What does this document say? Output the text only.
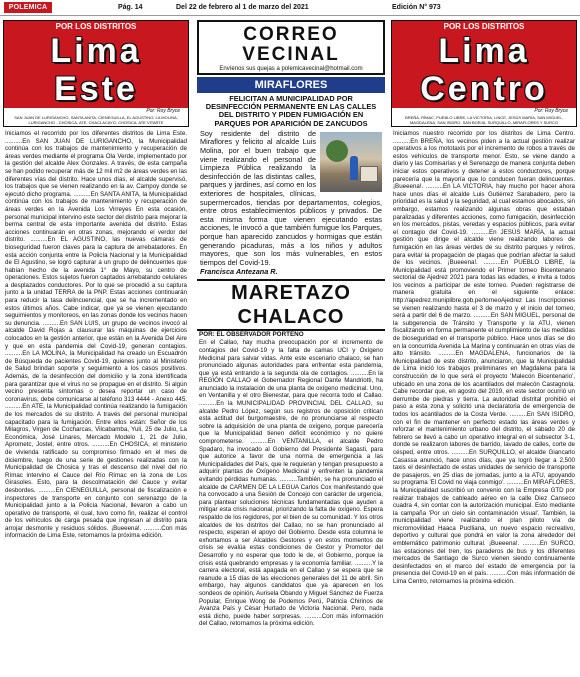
POLEMICA	Pág. 14	Del 22 de febrero al 1 de marzo del 2021	Edición N° 973
POR LOS DISTRITOS
Lima Este
Por: Roy Bryce
SAN JUAN DE LURIGANCHO, SANTA ANITA, CIENEGUILLA, EL AGUSTINO, LA MOLINA, LURIGANCHO - CHOSICA, ATE, CHACLACAYO, CHOSICA, ATE VITARTE

Iniciamos el recorrido por los diferentes distritos de Lima Este. ..........En SAN JUAN DE LURIGANCHO, la Municipalidad continúa con los trabajos de mantenimiento y recuperación de áreas verdes mediante el programa Ola Verde, implementado por la gestión del alcalde Alex Gonzales. A través, de esta campaña se han podido recuperar más de 12 mil m2 de áreas verdes en las diferentes vías del distrito. Hace unos días, el alcalde supervisó, los trabajos que se vienen realizando en la av. Campoy donde se ejecutó dicho programa. ..........En SANTA ANITA, la Municipalidad continúa con los trabajos de mantenimiento y recuperación de áreas verdes en la Avenida Los Virreyes En esta ocasión, personal municipal intervino este sector del distrito para mejorar la berma central de esta importante avenida del distrito. Estas acciones continuarán en otras zonas, mejorando el verdor del distrito. ..........En EL AGUSTINO, las nuevas cámaras de bioseguridad fueron claves para la captura de arrebatadores. En esta acción conjunta entre la Policía Nacional y la Municipalidad de El Agustino, se logró capturar a un grupo de delincuentes que habían hecho de la avenida 1° de Mayo, su centro de operaciones. Estos sujetos fueron captados arrebatando celulares a desplazados conductores. Por lo que se procedió a su captura junto a la unidad TERRA de la PNP. Estas acciones continuarán para reducir la tasa delincuencial, que se ha incrementado en estos últimos años. Cabe indicar, que ya se vienen ejecutando seguimientos y monitoreos, en las zonas donde los vecinos hacen su denuncia. ..........En SAN LUIS, un grupo de vecinos invocó al alcalde David Rojas a clausurar las máquinas de ejercicios colocados en la gestión anterior, que están en la Avenida Del Aire y que en esta pandemia del Covid-19, generan contagios. ..........En LA MOLINA, la Municipalidad ha creado un Escuadrón de Búsqueda de pacientes Covid-19, quienes junto al Ministerio de Salud brindan soporte y seguimiento a los casos positivos. Además, de la desinfección del domicilio y la zona identificada para garantizar que el virus no se propague en el distrito. Si algún vecino presenta síntomas o desea reportar un caso de coronavirus, debe comunicarse al teléfono 313 4444 - Anexo 445. ..........En ATE, la Municipalidad continúa realizando la fumigación de los mercados de su distrito. A través del personal municipal capacitado para la fumigación. Entre ellos están: Señor de los Milagros, Virgen de Cocharcas, Vilcabamba, Yuli, 25 de Julio, La Económica, José Linares, Mercado Modelo 1, 21 de Julio, Aprometc, Jostel, entre otros. ..........En CHOSICA, el ministerio de vivienda ratificado su compromiso firmado en el mes de diciembre, luego de una serie de gestiones realizadas con la Municipalidad de Chosica y tras el descenso del nivel del río Rímac intervino el Cauce del Río Rímac en la zona de Los Girasoles. Esto, para la descolmatación del Cauce y evitar desbordes. ..........En CIENEGUILLA, personal de fiscalización e inspectores de transporte en conjunto con serenazgo de la Municipalidad junto a la Policía Nacional, llevaron a cabo un operativo de transporte, el cual, tuvo como fin, realizar el control de los vehículos de carga pesada que ingresan al distrito para arrojar desmonte y residuos sólidos. ¡Bueeena!. ..........Con más información de Lima Este, retornamos la próxima edición.

CORREO
VECINAL
Envíenos sus quejas a polemicavecinal@hotmail.com
MIRAFLORES

FELICITAN A MUNICIPALIDAD POR DESINFECCIÓN PERMANENTE EN LAS CALLES DEL DISTRITO Y PIDEN FUMIGACIÓN EN PARQUES POR APARICIÓN DE ZANCUDOS

Soy residente del distrito de Miraflores y felicito al alcalde Luis Molina, por el buen trabajo que viene realizando el personal de Limpieza Pública realizando la desinfección de las distintas calles, parques y jardines, así como en los exteriores de hospitales, clínicas, supermercados, tiendas por departamentos, colegios, entre otros establecimientos públicos y privados. De esta misma forma que vienen ejecutando estas acciones, le invocó a que también fumigue los Parques, porque han aparecido zancudos y hormigas que están generando picaduras, más a los niños y adultos mayores, que son los más vulnerables, en estos tiempos del Covid-19.

Francisca Antezana R.
MARETAZO CHALACO
POR: EL OBSERVADOR PORTEÑO

En el Callao, hay mucha preocupación por el incremento de contagios del Covid-19 y la falta de camas UCI y Oxígeno Medicinal para salvar vidas. Ante este escenario chalaco, se han pronunciado algunas autoridades para enfrentar esta pandemia, que ya está entrando a la segunda ola de contagios. ..........En la REGIÓN CALLAO el Gobernador Regional Dante Mandriotti, ha anunciado la instalación de una planta de oxígeno medicinal. Uno, en Ventanilla y el otro Bienestar, para que recorra todo el Callao. ..........En la MUNICIPALIDAD PROVINCIAL DEL CALLAO, su alcalde Pedro López, según sus registros de oposición critican esta actitud del burgomaestre, de no pronunciarse al respecto sobre la adquisición de una planta de oxígeno, porque parecería que la Municipalidad tienen déficit económico y no quiere comprometerse. ..........En VENTANILLA, el alcalde Pedro Spadaro, ha invocado al Gobierno del Presidente Sagasti, para que autorice a favor de una norma de emergencia a las Municipalidades del País, que le requieran y tengan presupuesto a adquirir plantas de Oxígeno Medicinal y enfrenten la pandemia evitando pérdidas humanas. ..........También, se ha pronunciado el alcalde de CARMEN DE LA LEGUA Carlos Cox manifestando que ha convocado a una Sesión de Concejo con carácter de urgencia, para plantear soluciones técnicas fundamentadas que ayuden a mitigar esta crisis nacional, priorizando la falta de oxígeno. Espera respaldo de los regidores, por el bien de su comunidad. Y los otros alcaldes de los distritos del Callao, no se han pronunciado al respecto, esperan el apoyo del Gobierno. Desde esta columna le exhortamos a ser Alcaldes Gestores y en estos momentos de crisis se evalúa estas condiciones de Gestor y Promotor del Desarrollo y no esperar que todo le de, el Gobierno, porque la crisis está quebrando empresas y la economía familiar. ..........Y la carrera electoral, está apagada en el Callao y se espera que se reanude a 15 días de las elecciones generales del 11 de abril. Sin embargo, hay algunos candidatos que ya aparecen en los sondeos de opinión, Aurisela Obando y Miguel Sánchez de Fuerza Popular, Enrique Wong de Podemos Perú, Patricia Chirinos de Avanza País y César Hurtado de Victoria Nacional. Pero, nada está dicho, puede haber sorpresas. ..........Con más información del Callao, retornamos la próxima edición.

POR LOS DISTRITOS
Lima Centro
Por: Roy Bryce
BREÑA, RÍMAC, PUEBLO LIBRE, LA VICTORIA, LINCE, JESÚS MARÍA, SAN MIGUEL, MAGDALENA, SAN ISIDRO, SAN BORJA, SURQUILLO, MIRAFLORES Y SURCO

Iniciamos nuestro recorrido por los distritos de Lima Centro. ..........En BREÑA, los vecinos piden a la actual gestión realizar operativos a los mototaxis por el incremento de robos a través de estos vehículos de transporte menor. Esto, se viene dando a diario y las Comisarías y el Serenazgo de manera conjunta deben iniciar estos operativos y detener a estos conductores, porque parecería que la mayoría que lo conducen fueran delincuentes. ¡Bueeena!. ..........En LA VICTORIA, hay mucho por hacer ahora hace unos días el alcalde Luis Gutiérrez Sarabadero, pero la prioridad es la salud y la seguridad, al cual estamos abocados, sin embargo, estamos realizando algunas obras que estaban paralizadas y diferentes acciones, como fumigación, desinfección en los mercados, pistas, veredas y espacios públicos, para evitar el contagio del Covid-19. ..........En JESÚS MARÍA, la actual gestión que dirige el alcalde viene realizando labores de fumigación en las áreas verdes de su distrito parques y retiros, para evitar la propagación de plagas que podrían afectar la salud de los vecinos. ¡Bueeena!. ..........En PUEBLO LIBRE, la Municipalidad está promoviendo el Primer torneo Bicentenario sectorial de Ajedrez 2021 para todas las edades, e invita a todos los vecinos a participar de este torneo. Pueden registrarse de manera gratuita en el siguiente enlace: http://apedrez.muniplibre.gob.pe/torneoAjedrez Las Inscripciones se vienen realizando hasta el 3 de marzo y el inicio del torneo, será a partir del 6 de marzo. ..........En SAN MIGUEL, personal de la subgerencia de Tránsito y Transporte y la ATU, vienen fiscalizando en forma permanente el cumplimiento de las medidas de bioseguridad en el transporte público. Hace unos días se dio en la concurrida Avenida La Marina y continuarán en otras vías de alto tránsito. ..........En MAGDALENA, funcionarios de la Municipalidad de este distrito, anunciaron, que la Municipalidad de Lima inició los trabajos preliminares en Magdalena para la construcción de lo que será el proyecto 'Malecón Bicentenario', ubicado en una zona de los acantilados del malecón Castagnola. Cabe recordar que, en agosto del 2019, en este sector ocurrió un derrumbe de piedras y tierra. La autoridad distrital prohibió el paso a esta zona y solicitó una declaratoria de emergencia de todos los acantilados de la Costa Verde. ..........En SAN ISIDRO, con el fin de mantener en perfecto estado las áreas verdes y reforzar el mantenimiento urbano del distrito, el sábado 20 de febrero se llevó a cabo un operativo integral en el subsector 3-1, donde se realizaron labores de barrido, lavado de calles, corte de césped, entre otros. ..........En SURQUILLO, el alcalde Giancarlo Casassa anunció, hace unos días, que ya logró llegar a 2,500 taxis el desinfectado de estas unidades de servicio de transporte de pasajeros, en 25 días de jornadas, junto a la ATU, apoyando su programa 'El Covid no viaja conmigo'. ..........En MIRAFLORES, la Municipalidad suscribió un convenio con la Empresa GTD por realizar trabajos de cableado aéreo en la calle Diez Canseco cuadra 4, sin contar con la autorización municipal. Esto mediante la campaña 'Por un cielo sin contaminación visual'. También, la municipalidad viene realizando el plan piloto vía de micromovilidad Haaca Puclliana, un nuevo espacio recreativo, deportivo y cultural que pondrá en valor la zona alrededor del emblemático patrimonio cultural. ¡Bueeena!. ..........En SURCO, las estaciones del tren, los paraderos de bus y los diferentes mercados de Santiago de Surco vienen siendo continuamente desinfectados en el marco del estado de emergencia por la presencia del Covid-19 en el país. ..........Con más información de Lima Centro, retornamos la próxima edición.
